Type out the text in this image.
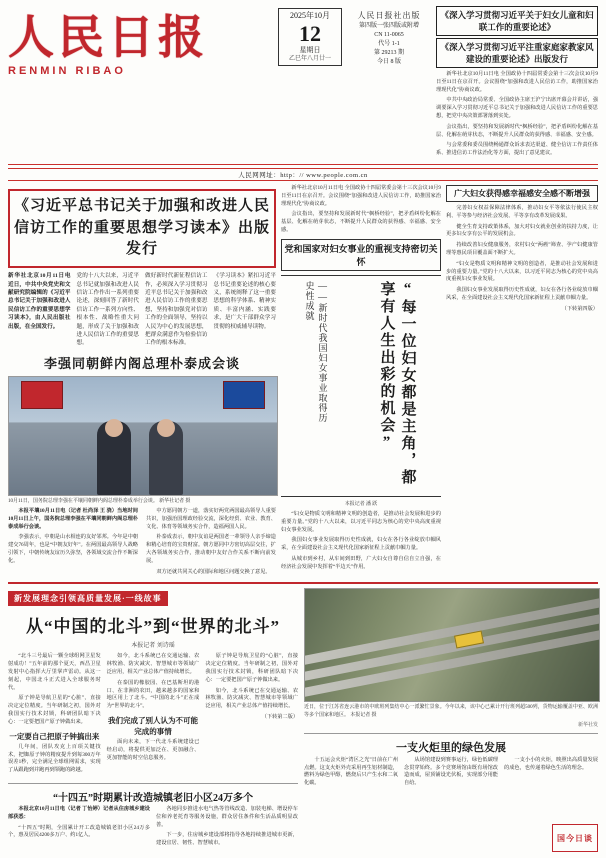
人民日报
RENMIN RIBAO
2025年10月
12
星期日
乙巳年八月廿一
人民日报社出版
第四版一张四版或附增
CN 11-0065
代号 1-1
第 29213 期
今日 8 版
《深入学习贯彻习近平关于妇女儿童和妇联工作的重要论述》
《深入学习贯彻习近平注重家庭家教家风建设的重要论述》出版发行

新华社北京10月11日电 全国政协十四届常委会第十三次会议10月9日至11日在京召开。会议围绕“加强和改进人民信访工作，助推国家治理现代化”协商议政。

中共中央政治局常委、全国政协主席王沪宁出席开幕会并讲话，强调要深入学习贯彻习近平总书记关于加强和改进人民信访工作的重要思想，把党中央决策部署落到实处。

会议指出，要坚持和发展新时代“枫桥经验”，把矛盾纠纷化解在基层、化解在萌芽状态，不断提升人民群众的获得感、幸福感、安全感。

与会常委和委员围绕畅通群众诉求表达渠道、健全信访工作责任体系、推进信访工作法治化等方面，提出了意见建议。

人民网网址：http：// www.people.com.cn
《习近平总书记关于加强和改进人民信访工作的重要思想学习读本》出版发行
新华社北京10月11日电 近日，中共中央党史和文献研究院编辑的《习近平总书记关于加强和改进人民信访工作的重要思想学习读本》，由人民出版社出版，在全国发行。
党的十八大以来，习近平总书记就加强和改进人民信访工作作出一系列重要论述，深刻回答了新时代信访工作一系列方向性、根本性、战略性重大问题，形成了关于加强和改进人民信访工作的重要思想。
做好新时代新征程信访工作，必须深入学习贯彻习近平总书记关于加强和改进人民信访工作的重要思想，坚持和加强党对信访工作的全面领导，坚持以人民为中心的发展思想，把群众满意作为检验信访工作的根本标准。
《学习读本》紧扣习近平总书记重要论述的核心要义，系统阐释了这一重要思想的科学体系、精神实质、丰富内涵、实践要求，是广大干部群众学习贯彻的权威辅导读物。
李强同朝鲜内阁总理朴泰成会谈
10月11日，国务院总理李强在平壤同朝鲜内阁总理朴泰成举行会谈。 新华社记者 摄

本报平壤10月11日电（记者 杜尚泽 王 骁）当地时间10月11日上午，国务院总理李强在平壤同朝鲜内阁总理朴泰成举行会谈。

李强表示，中朝是山水相连的友好邻邦。今年是中朝建交76周年，也是“中朝友好年”。在两国最高领导人战略引领下，中朝传统友谊历久弥坚，各领域交流合作不断深化。

中方愿同朝方一道，落实好两党两国最高领导人重要共识，加强治国理政经验交流，深化经贸、农业、教育、文化、体育等领域务实合作，造福两国人民。

朴泰成表示，朝中友谊是两国老一辈领导人亲手缔造和精心培育的宝贵财富。朝方愿同中方密切高层交往，扩大各领域务实合作，推动朝中友好合作关系不断向前发展。

双方还就共同关心的国际和地区问题交换了意见。

新华社北京10月11日电 全国政协十四届常委会第十三次会议10月9日至11日在京召开。会议围绕“加强和改进人民信访工作，助推国家治理现代化”协商议政。

会议指出，要坚持和发展新时代“枫桥经验”，把矛盾纠纷化解在基层、化解在萌芽状态，不断提升人民群众的获得感、幸福感、安全感。

党和国家对妇女事业的重视支持密切关怀
——新时代我国妇女事业取得历史性成就	“每一位妇女都是主角，都享有人生出彩的机会”
本报记者 潘 跃

“妇女是物质文明和精神文明的创造者，是推动社会发展和进步的重要力量。”党的十八大以来，以习近平同志为核心的党中央高度重视妇女事业发展。

我国妇女事业发展取得历史性成就，妇女在各行各业绽放巾帼风采，在全面建设社会主义现代化国家新征程上贡献巾帼力量。

从城市到乡村，从车间到田野，广大妇女自尊自信自立自强，在经济社会发展中发挥着“半边天”作用。

广大妇女获得感幸福感安全感不断增强

完善妇女权益保障法律体系，推动妇女平等依法行使民主权利、平等参与经济社会发展、平等享有改革发展成果。

健全生育支持政策体系，加大对妇女就业创业的扶持力度，让更多妇女享有公平的发展机会。

持续改善妇女健康服务，农村妇女“两癌”筛查、孕产妇健康管理等惠民项目覆盖面不断扩大。

“妇女是物质文明和精神文明的创造者，是推动社会发展和进步的重要力量。”党的十八大以来，以习近平同志为核心的党中央高度重视妇女事业发展。

我国妇女事业发展取得历史性成就，妇女在各行各业绽放巾帼风采，在全面建设社会主义现代化国家新征程上贡献巾帼力量。

（下转第四版）

新发展理念引领高质量发展·一线故事
从“中国的北斗”到“世界的北斗”
本报记者 刘诗瑶

“北斗三号最后一颗全球组网卫星发射成功！”五年前的那个夏天，西昌卫星发射中心指挥大厅里掌声雷动。从这一刻起，中国北斗正式进入全球服务时代。

原子钟是导航卫星的“心脏”，直接决定定位精度。当年研制之初，国外对我国实行技术封锁，科研团队暗下决心：一定要把国产原子钟做出来。

一定要自己把原子钟搞出来

几年间，团队攻克上百项关键技术，把铷原子钟的精度提升到每300万年误差1秒，完全满足全球组网需求，实现了从跟跑到并跑再到领跑的跨越。

如今，北斗系统已在交通运输、农林牧渔、防灾减灾、智慧城市等领域广泛应用，相关产业总体产值持续增长。

在泰国的橡胶园、在巴基斯坦的港口、在非洲的农田，越来越多的国家和地区用上了北斗。“中国的北斗”正在成为“世界的北斗”。

我们完成了别人认为不可能完成的事情

面向未来，下一代北斗系统建设已经启动，将提供更加泛在、更加融合、更加智能的时空信息服务。

原子钟是导航卫星的“心脏”，直接决定定位精度。当年研制之初，国外对我国实行技术封锁，科研团队暗下决心：一定要把国产原子钟做出来。

如今，北斗系统已在交通运输、农林牧渔、防灾减灾、智慧城市等领域广泛应用，相关产业总体产值持续增长。

（下转第二版）

“十四五”时期累计改造城镇老旧小区24万多个

本报北京10月11日电（记者 丁怡婷）记者从住房城乡建设部获悉：

“十四五”时期，全国累计开工改造城镇老旧小区24万多个，惠及居民4200多万户、约1亿人。

各地同步推进水电气热等管线改造、加装电梯、增设停车位和养老托育等服务设施，群众居住条件和生活品质明显改善。

下一步，住房城乡建设部将指导各地持续推进城市更新，建设宜居、韧性、智慧城市。

近日，位于江苏省连云港市的中欧班列集结中心一派繁忙景象。今年以来，该中心已累计开行班列超500列，货物运输覆盖中亚、欧洲等多个国家和地区。 本报记者 摄
新华社发
一支火炬里的绿色发展

十五运会火炬“湾区之光”日前在广州点燃。这支火炬外壳采用再生铝材制造，燃料为绿色甲醇，燃烧后只产生水和二氧化碳。

从场馆建设到赛事运行，绿色低碳理念贯穿始终。多个竞赛场馆由既有场馆改造而成，屋顶铺设光伏板，实现部分用能自给。

一支小小的火炬，映照出高质量发展的成色，也传递着绿色生活的理念。

国今日谈
